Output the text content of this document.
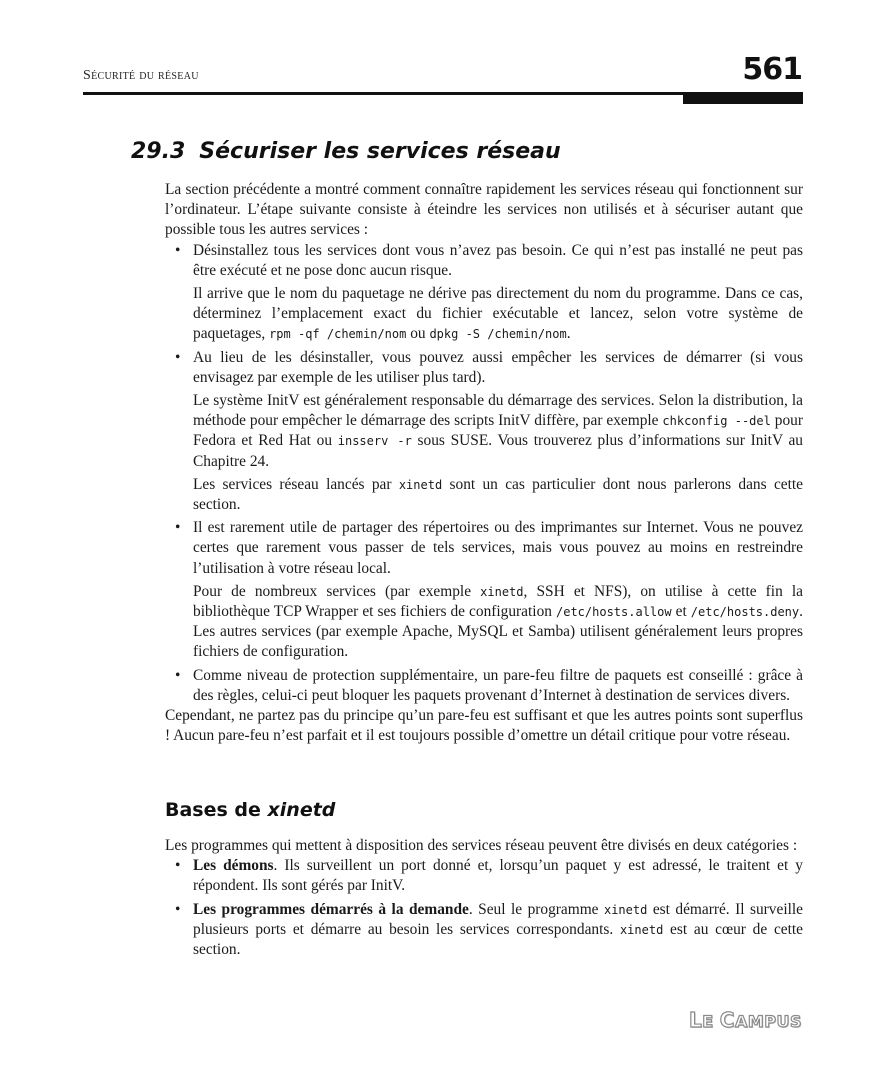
Sécurité du réseau	561
29.3 Sécuriser les services réseau

La section précédente a montré comment connaître rapidement les services réseau qui fonctionnent sur l’ordinateur. L’étape suivante consiste à éteindre les services non utilisés et à sécuriser autant que possible tous les autres services :

• Désinstallez tous les services dont vous n’avez pas besoin. Ce qui n’est pas installé ne peut pas être exécuté et ne pose donc aucun risque.

Il arrive que le nom du paquetage ne dérive pas directement du nom du programme. Dans ce cas, déterminez l’emplacement exact du fichier exécutable et lancez, selon votre système de paquetages, rpm -qf /chemin/nom ou dpkg -S /chemin/nom.

• Au lieu de les désinstaller, vous pouvez aussi empêcher les services de démarrer (si vous envisagez par exemple de les utiliser plus tard).

Le système InitV est généralement responsable du démarrage des services. Selon la distribution, la méthode pour empêcher le démarrage des scripts InitV diffère, par exemple chkconfig --del pour Fedora et Red Hat ou insserv -r sous SUSE. Vous trouverez plus d’informations sur InitV au Chapitre 24.

Les services réseau lancés par xinetd sont un cas particulier dont nous parlerons dans cette section.

• Il est rarement utile de partager des répertoires ou des imprimantes sur Internet. Vous ne pouvez certes que rarement vous passer de tels services, mais vous pouvez au moins en restreindre l’utilisation à votre réseau local.

Pour de nombreux services (par exemple xinetd, SSH et NFS), on utilise à cette fin la bibliothèque TCP Wrapper et ses fichiers de configuration /etc/hosts.allow et /etc/hosts.deny. Les autres services (par exemple Apache, MySQL et Samba) utilisent généralement leurs propres fichiers de configuration.

• Comme niveau de protection supplémentaire, un pare-feu filtre de paquets est conseillé : grâce à des règles, celui-ci peut bloquer les paquets provenant d’Internet à destination de services divers.

Cependant, ne partez pas du principe qu’un pare-feu est suffisant et que les autres points sont superflus ! Aucun pare-feu n’est parfait et il est toujours possible d’omettre un détail critique pour votre réseau.

Bases de xinetd

Les programmes qui mettent à disposition des services réseau peuvent être divisés en deux catégories :

• Les démons. Ils surveillent un port donné et, lorsqu’un paquet y est adressé, le traitent et y répondent. Ils sont gérés par InitV.

• Les programmes démarrés à la demande. Seul le programme xinetd est démarré. Il surveille plusieurs ports et démarre au besoin les services correspondants. xinetd est au cœur de cette section.

LE CAMPUS
